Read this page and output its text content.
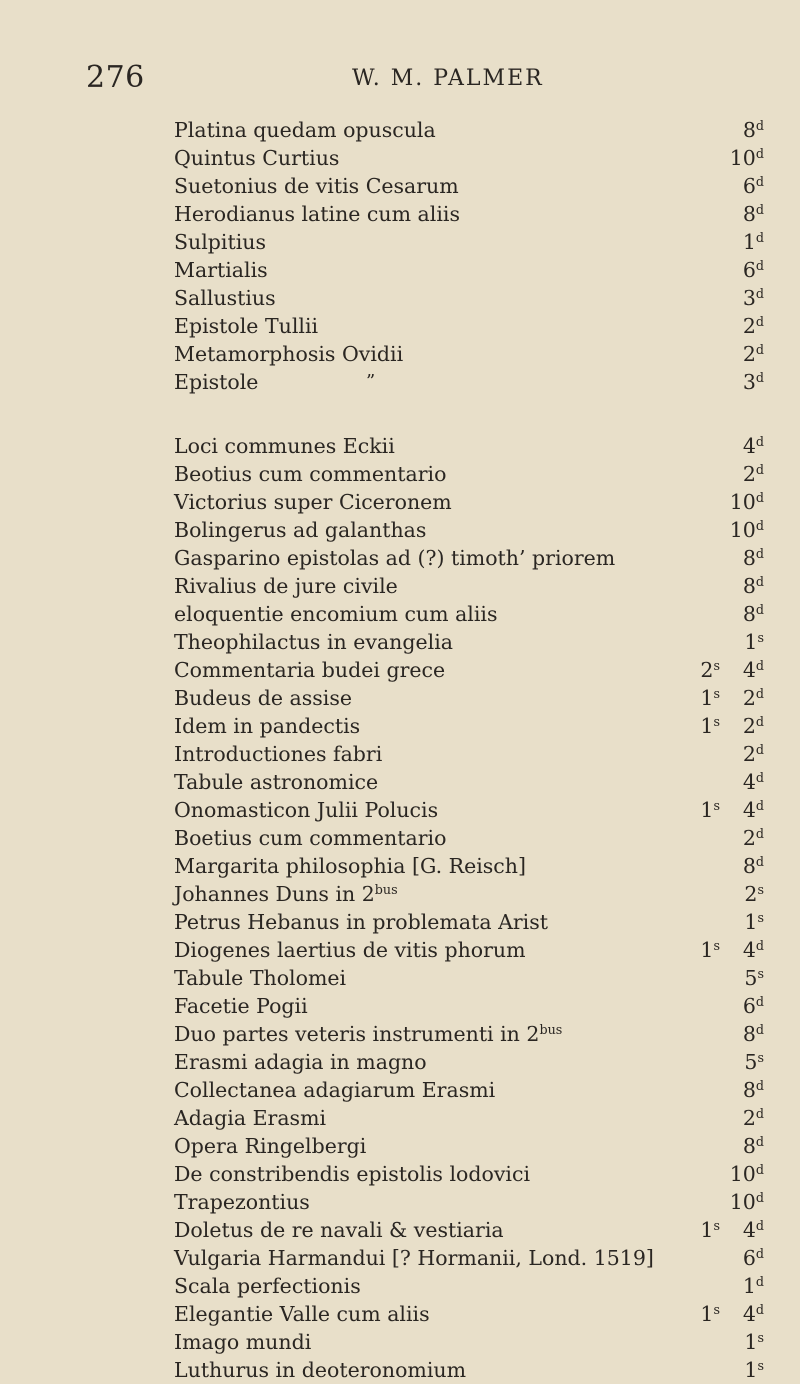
276	W. M. PALMER
Platina quedam opuscula	8$^d$
Quintus Curtius	10$^d$
Suetonius de vitis Cesarum	6$^d$
Herodianus latine cum aliis	8$^d$
Sulpitius	1$^d$
Martialis	6$^d$
Sallustius	3$^d$
Epistole Tullii	2$^d$
Metamorphosis Ovidii	2$^d$
Epistole	”	3$^d$
Loci communes Eckii	4$^d$
Beotius cum commentario	2$^d$
Victorius super Ciceronem	10$^d$
Bolingerus ad galanthas	10$^d$
Gasparino epistolas ad (?) timoth’ priorem	8$^d$
Rivalius de jure civile	8$^d$
eloquentie encomium cum aliis	8$^d$
Theophilactus in evangelia	1$^s$
Commentaria budei grece	2$^s$ 4$^d$
Budeus de assise	1$^s$ 2$^d$
Idem in pandectis	1$^s$ 2$^d$
Introductiones fabri	2$^d$
Tabule astronomice	4$^d$
Onomasticon Julii Polucis	1$^s$ 4$^d$
Boetius cum commentario	2$^d$
Margarita philosophia [G. Reisch]	8$^d$
Johannes Duns in $2^{bus}$	2$^s$
Petrus Hebanus in problemata Arist	1$^s$
Diogenes laertius de vitis phorum	1$^s$ 4$^d$
Tabule Tholomei	5$^s$
Facetie Pogii	6$^d$
Duo partes veteris instrumenti in $2^{bus}$	8$^d$
Erasmi adagia in magno	5$^s$
Collectanea adagiarum Erasmi	8$^d$
Adagia Erasmi	2$^d$
Opera Ringelbergi	8$^d$
De constribendis epistolis lodovici	10$^d$
Trapezontius	10$^d$
Doletus de re navali & vestiaria	1$^s$ 4$^d$
Vulgaria Harmandui [? Hormanii, Lond. 1519]	6$^d$
Scala perfectionis	1$^d$
Elegantie Valle cum aliis	1$^s$ 4$^d$
Imago mundi	1$^s$
Luthurus in deoteronomium	1$^s$
